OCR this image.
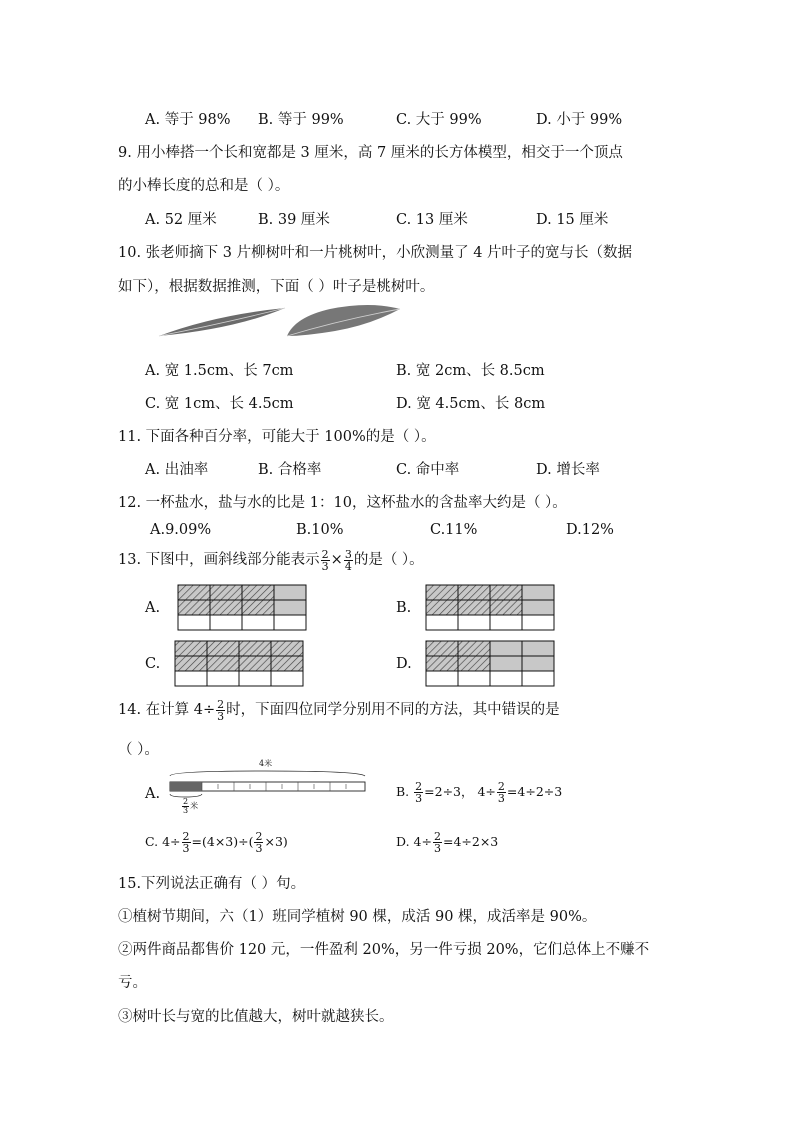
A. 等于 98% B. 等于 99%	C. 大于 99%	D. 小于 99%
9. 用小棒搭一个长和宽都是 3 厘米，高 7 厘米的长方体模型，相交于一个顶点
的小棒长度的总和是（ ）。
A. 52 厘米	B. 39 厘米	C. 13 厘米	D. 15 厘米
10. 张老师摘下 3 片柳树叶和一片桃树叶，小欣测量了 4 片叶子的宽与长（数据
如下），根据数据推测，下面（ ）叶子是桃树叶。
A. 宽 1.5cm、长 7cm	B. 宽 2cm、长 8.5cm
C. 宽 1cm、长 4.5cm	D. 宽 4.5cm、长 8cm
11. 下面各种百分率，可能大于 100%的是（ ）。
A. 出油率	B. 合格率	C. 命中率	D. 增长率
12. 一杯盐水，盐与水的比是 1：10，这杯盐水的含盐率大约是（ ）。
A.9.09%	B.10%	C.11%	D.12%
13. 下图中，画斜线部分能表示 $\frac{2}{3} \times \frac{3}{4}$ 的是（ ）。
A.	B.
C.	D.
14. 在计算 $4\div \frac{2}{3}$ 时，下面四位同学分别用不同的方法，其中错误的是
（ ）。
A.
4米
$\frac{2}{3}$ 米
B. $\frac{2}{3} =2\div 3$， $4\div \frac{2}{3} =4\div 2\div 3$
C. $4\div \frac{2}{3} =(4\times 3)\div( \frac{2}{3} \times 3)$	D. $4\div \frac{2}{3} =4\div 2\times 3$
15.下列说法正确有（ ）句。
①植树节期间，六（1）班同学植树 90 棵，成活 90 棵，成活率是 90%。
②两件商品都售价 120 元，一件盈利 20%，另一件亏损 20%，它们总体上不赚不
亏。
③树叶长与宽的比值越大，树叶就越狭长。
